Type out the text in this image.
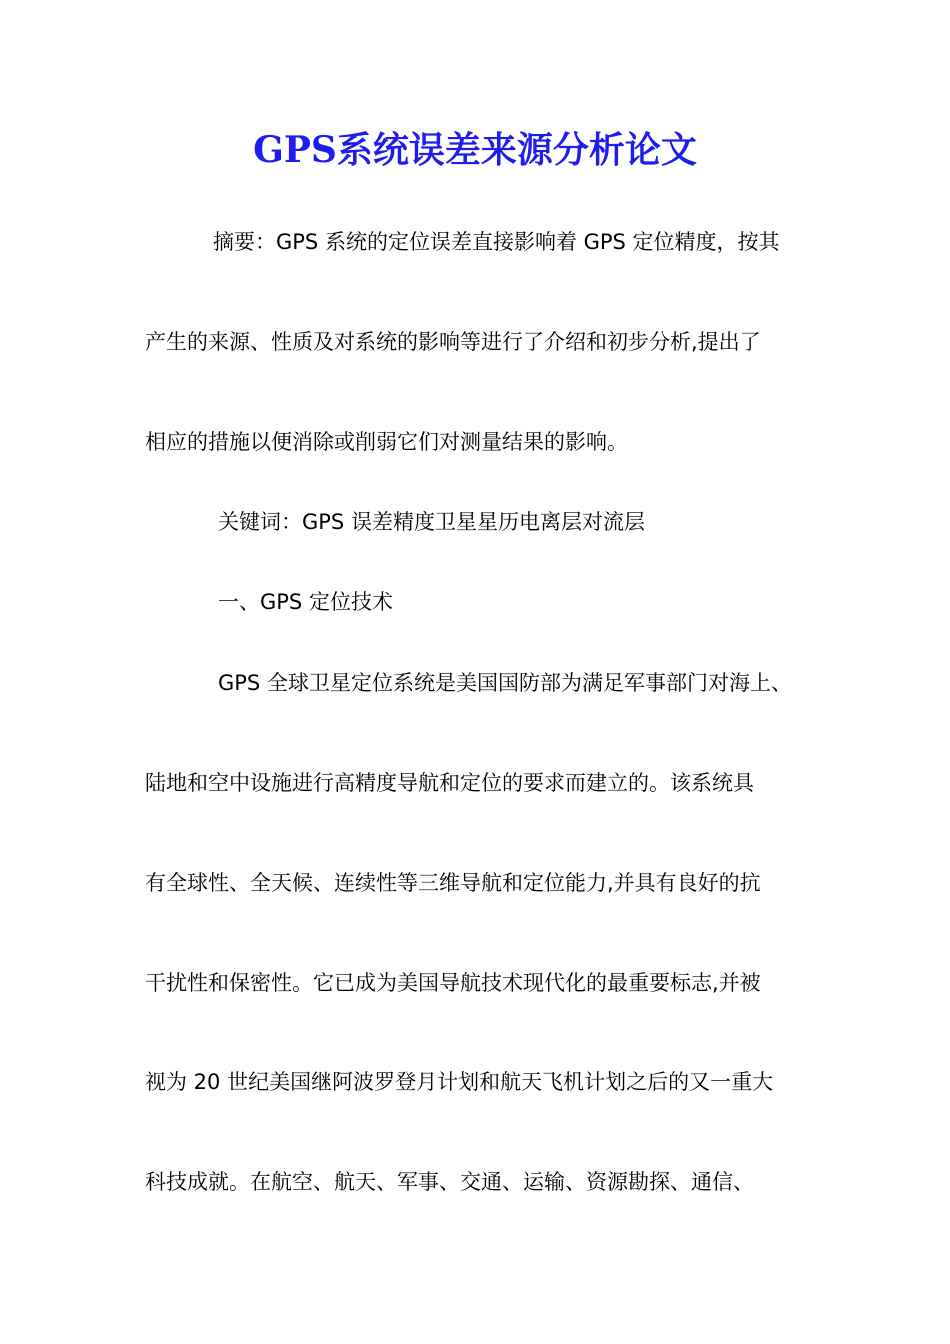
GPS系统误差来源分析论文
摘要：GPS 系统的定位误差直接影响着 GPS 定位精度，按其
产生的来源、性质及对系统的影响等进行了介绍和初步分析,提出了
相应的措施以便消除或削弱它们对测量结果的影响。
关键词：GPS 误差精度卫星星历电离层对流层
一、GPS 定位技术
GPS 全球卫星定位系统是美国国防部为满足军事部门对海上、
陆地和空中设施进行高精度导航和定位的要求而建立的。该系统具
有全球性、全天候、连续性等三维导航和定位能力,并具有良好的抗
干扰性和保密性。它已成为美国导航技术现代化的最重要标志,并被
视为 20 世纪美国继阿波罗登月计划和航天飞机计划之后的又一重大
科技成就。在航空、航天、军事、交通、运输、资源勘探、通信、
